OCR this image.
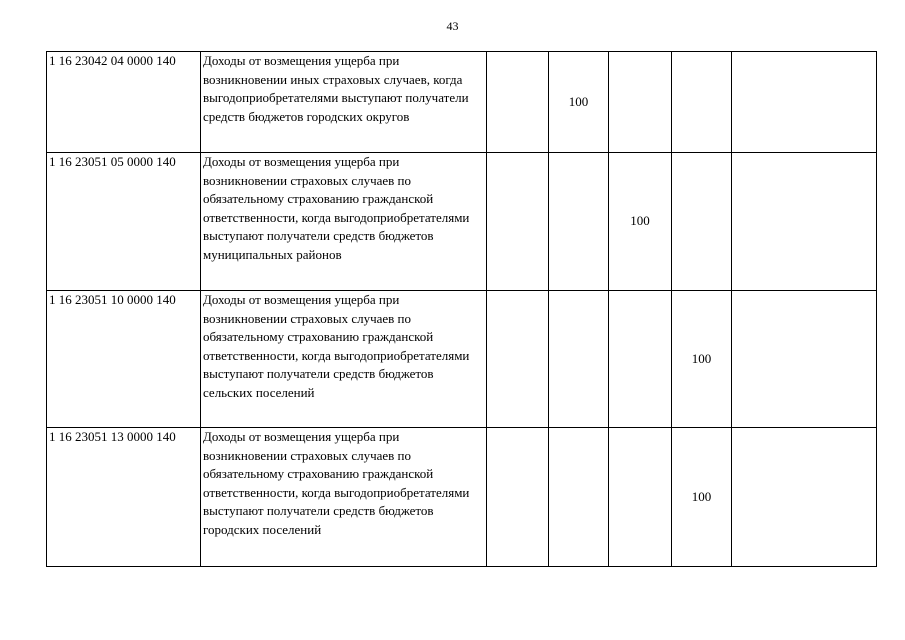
43
1 16 23042 04 0000 140	Доходы от возмещения ущерба при возникновении иных страховых случаев, когда выгодоприобретателями выступают получатели средств бюджетов городских округов		100			
1 16 23051 05 0000 140	Доходы от возмещения ущерба при возникновении страховых случаев по обязательному страхованию гражданской ответственности, когда выгодоприобретателями выступают получатели средств бюджетов муниципальных районов			100		
1 16 23051 10 0000 140	Доходы от возмещения ущерба при возникновении страховых случаев по обязательному страхованию гражданской ответственности, когда выгодоприобретателями выступают получатели средств бюджетов сельских поселений				100	
1 16 23051 13 0000 140	Доходы от возмещения ущерба при возникновении страховых случаев по обязательному страхованию гражданской ответственности, когда выгодоприобретателями выступают получатели средств бюджетов городских поселений				100	
